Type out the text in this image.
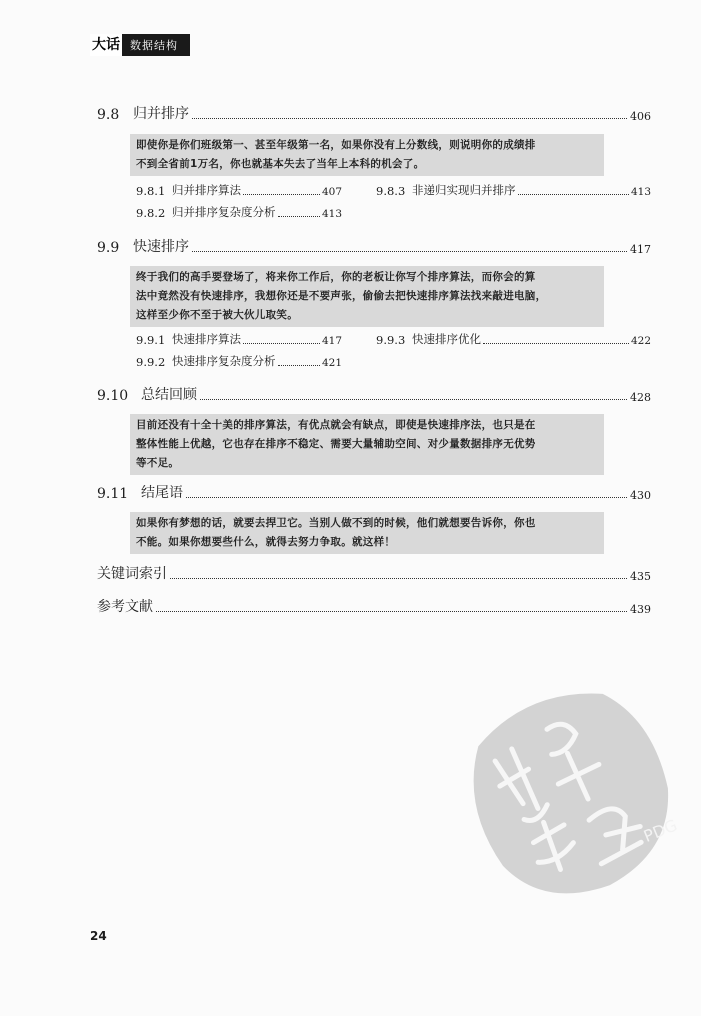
大话 数据结构
9.8 归并排序	406
即使你是你们班级第一、甚至年级第一名，如果你没有上分数线，则说明你的成绩排
不到全省前1万名，你也就基本失去了当年上本科的机会了。
9.8.1 归并排序算法	407	9.8.3 非递归实现归并排序	413
9.8.2 归并排序复杂度分析	413
9.9 快速排序	417
终于我们的高手要登场了，将来你工作后，你的老板让你写个排序算法，而你会的算
法中竟然没有快速排序，我想你还是不要声张，偷偷去把快速排序算法找来敲进电脑，
这样至少你不至于被大伙儿取笑。
9.9.1 快速排序算法	417	9.9.3 快速排序优化	422
9.9.2 快速排序复杂度分析	421
9.10 总结回顾	428
目前还没有十全十美的排序算法，有优点就会有缺点，即使是快速排序法，也只是在
整体性能上优越，它也存在排序不稳定、需要大量辅助空间、对少量数据排序无优势
等不足。
9.11 结尾语	430
如果你有梦想的话，就要去捍卫它。当别人做不到的时候，他们就想要告诉你，你也
不能。如果你想要些什么，就得去努力争取。就这样！
关键词索引	435
参考文献	439
PDG
24
